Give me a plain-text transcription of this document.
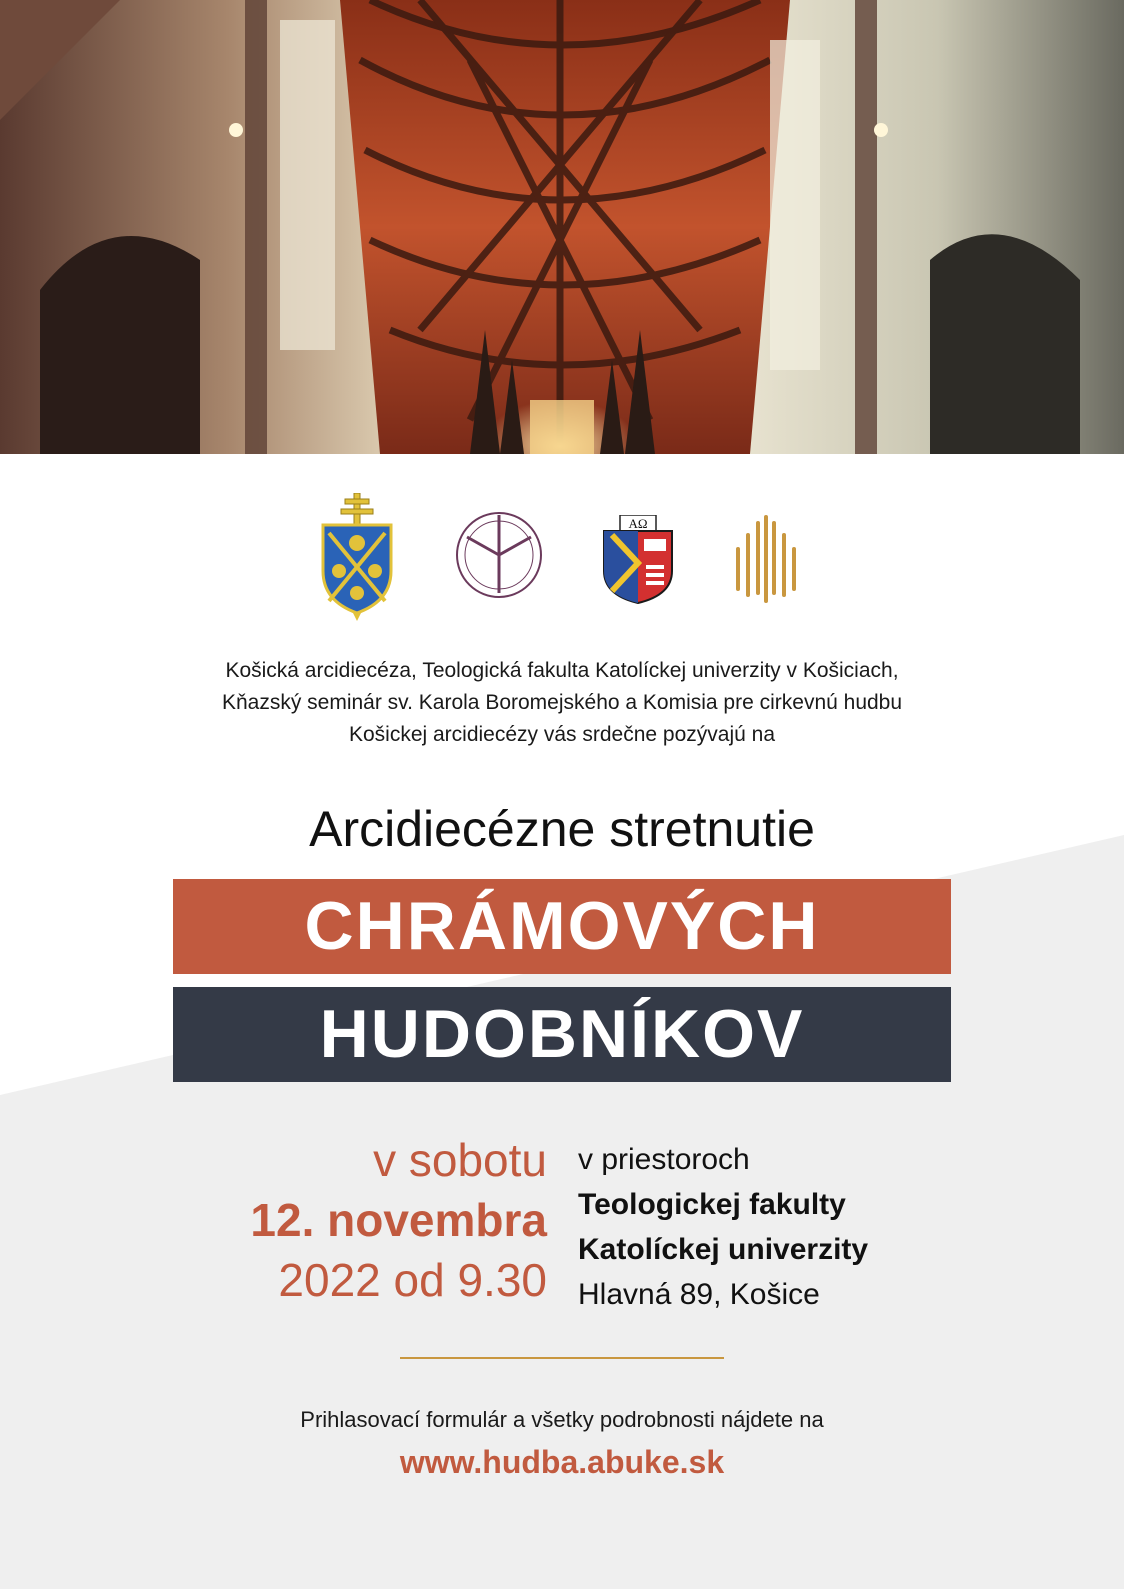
AΩ
Košická arcidiecéza, Teologická fakulta Katolíckej univerzity v Košiciach,
Kňazský seminár sv. Karola Boromejského a Komisia pre cirkevnú hudbu
Košickej arcidiecézy vás srdečne pozývajú na
Arcidiecézne stretnutie
CHRÁMOVÝCH
HUDOBNÍKOV
v sobotu
12. novembra
2022 od 9.30
v priestoroch
Teologickej fakulty
Katolíckej univerzity
Hlavná 89, Košice
Prihlasovací formulár a všetky podrobnosti nájdete na
www.hudba.abuke.sk
